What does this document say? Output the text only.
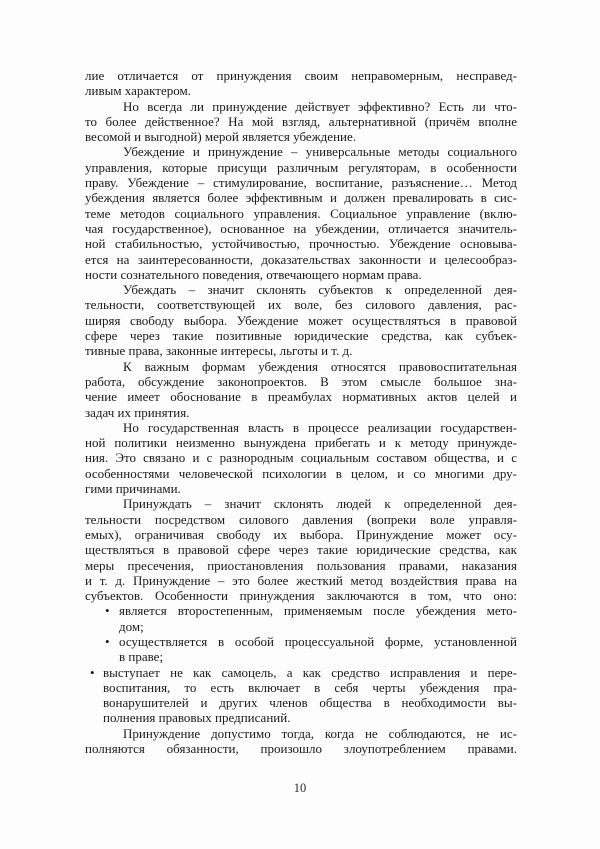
лие отличается от принуждения своим неправомерным, несправед-
ливым характером.
Но всегда ли принуждение действует эффективно? Есть ли что-
то более действенное? На мой взгляд, альтернативной (причём вполне
весомой и выгодной) мерой является убеждение.
Убеждение и принуждение – универсальные методы социального
управления, которые присущи различным регуляторам, в особенности
праву. Убеждение – стимулирование, воспитание, разъяснение… Метод
убеждения является более эффективным и должен превалировать в сис-
теме методов социального управления. Социальное управление (вклю-
чая государственное), основанное на убеждении, отличается значитель-
ной стабильностью, устойчивостью, прочностью. Убеждение основыва-
ется на заинтересованности, доказательствах законности и целесообраз-
ности сознательного поведения, отвечающего нормам права.
Убеждать – значит склонять субъектов к определенной дея-
тельности, соответствующей их воле, без силового давления, рас-
ширяя свободу выбора. Убеждение может осуществляться в правовой
сфере через такие позитивные юридические средства, как субъек-
тивные права, законные интересы, льготы и т. д.
К важным формам убеждения относятся правовоспитательная
работа, обсуждение законопроектов. В этом смысле большое зна-
чение имеет обоснование в преамбулах нормативных актов целей и
задач их принятия.
Но государственная власть в процессе реализации государствен-
ной политики неизменно вынуждена прибегать и к методу принужде-
ния. Это связано и с разнородным социальным составом общества, и с
особенностями человеческой психологии в целом, и со многими дру-
гими причинами.
Принуждать – значит склонять людей к определенной дея-
тельности посредством силового давления (вопреки воле управля-
емых), ограничивая свободу их выбора. Принуждение может осу-
ществляться в правовой сфере через такие юридические средства, как
меры пресечения, приостановления пользования правами, наказания
и т. д. Принуждение – это более жесткий метод воздействия права на
субъектов. Особенности принуждения заключаются в том, что оно:
• является второстепенным, применяемым после убеждения мето-
дом;
• осуществляется в особой процессуальной форме, установленной
в праве;
• выступает не как самоцель, а как средство исправления и пере-
воспитания, то есть включает в себя черты убеждения пра-
вонарушителей и других членов общества в необходимости вы-
полнения правовых предписаний.
Принуждение допустимо тогда, когда не соблюдаются, не ис-
полняются обязанности, произошло злоупотреблением правами.
10
